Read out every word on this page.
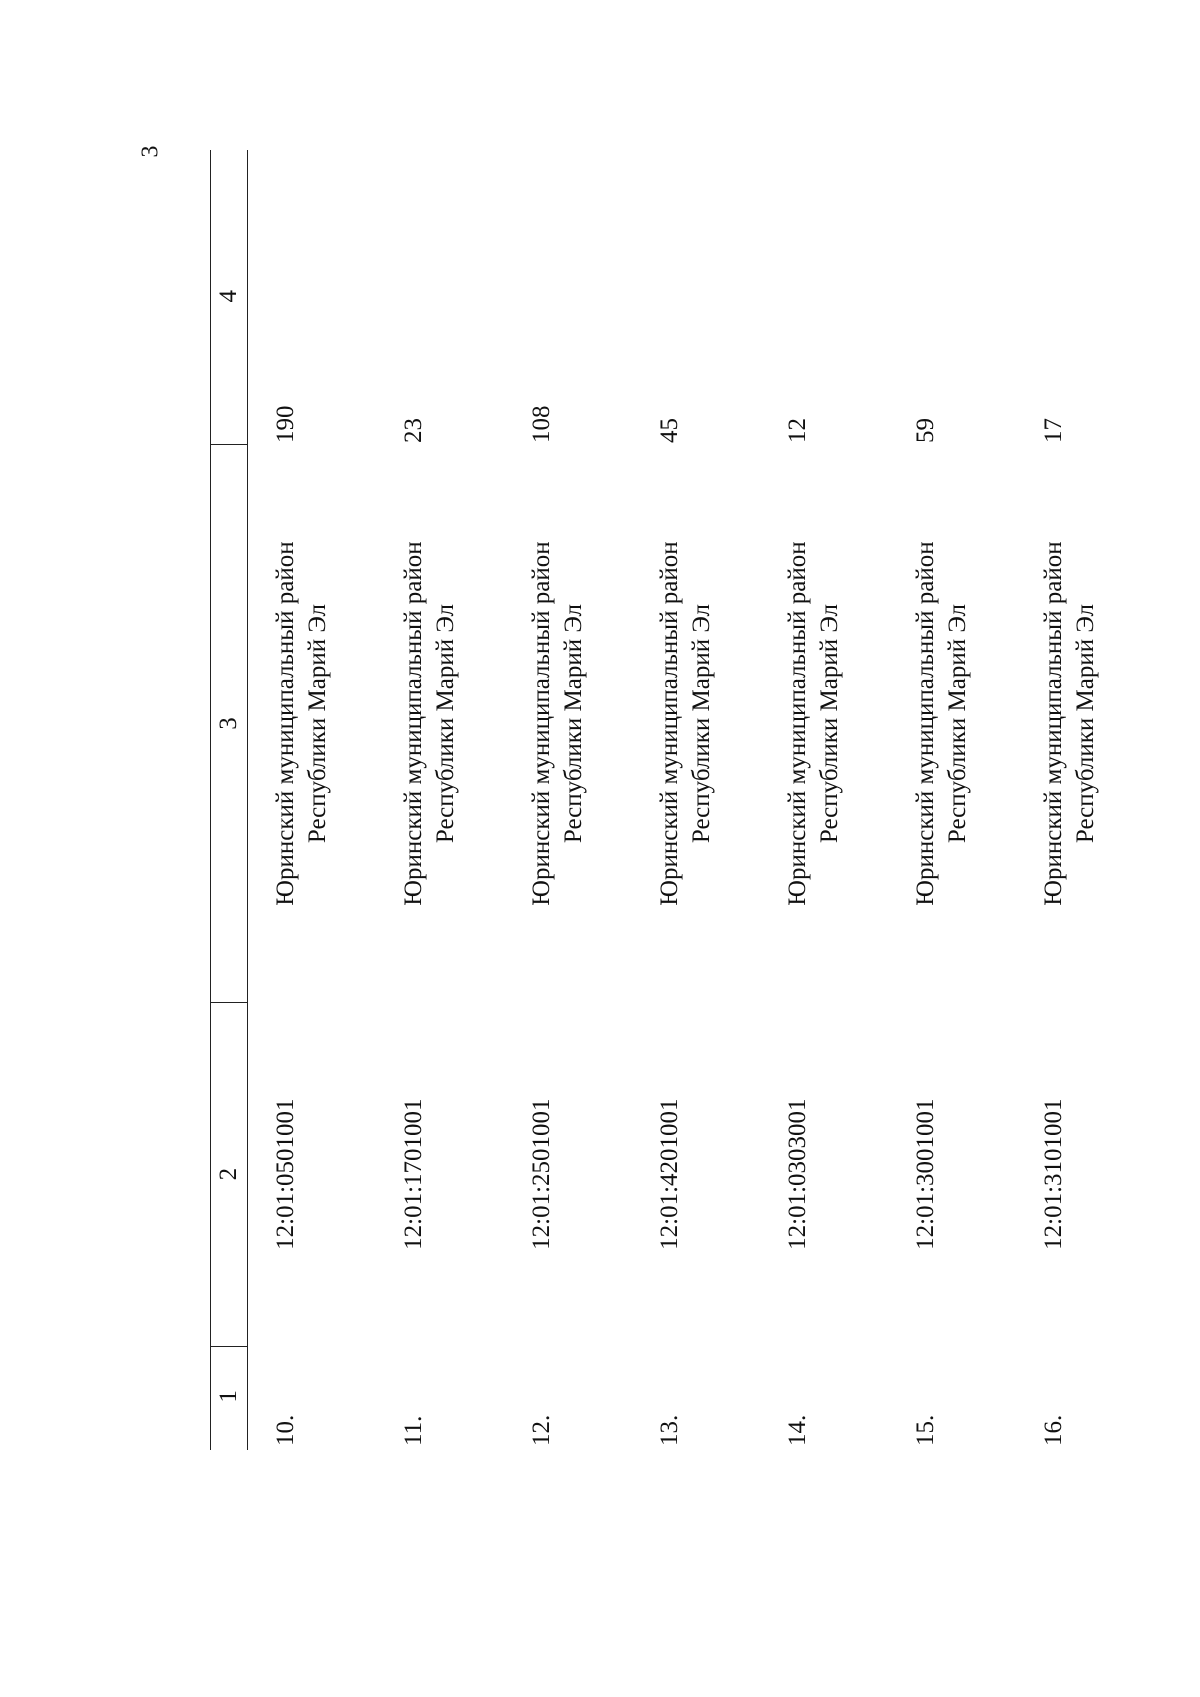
3
1	2	3	4
10.	12:01:0501001	Юринский муниципальный район Республики Марий Эл	190
11.	12:01:1701001	Юринский муниципальный район Республики Марий Эл	23
12.	12:01:2501001	Юринский муниципальный район Республики Марий Эл	108
13.	12:01:4201001	Юринский муниципальный район Республики Марий Эл	45
14.	12:01:0303001	Юринский муниципальный район Республики Марий Эл	12
15.	12:01:3001001	Юринский муниципальный район Республики Марий Эл	59
16.	12:01:3101001	Юринский муниципальный район Республики Марий Эл	17
